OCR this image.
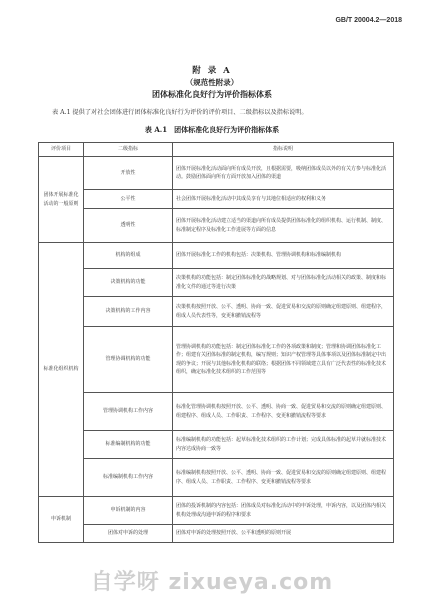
GB/T 20004.2—2018
附 录 A
（规范性附录）
团体标准化良好行为评价指标体系
表 A.1 提供了对社会团体进行团体标准化良好行为评价的评价项目、二级指标以及指标说明。
表 A.1　团体标准化良好行为评价指标体系
评价项目	二级指标	指标说明
团体开展标准化活动的一般原则	开放性	团体开展标准化活动面向所有成员开放，且根据需要，吸纳团体成员以外的有关方参与标准化活动。鼓励团体面向所有方面开放加入团体的渠道
	公平性	社会团体开展标准化活动中其成员享有与其地位相适应的权利和义务
	透明性	团体开展标准化活动建立适当的渠道向所有成员提供团体标准化的组织机构、运行机制、制度、标准制定程序及标准化工作进展等方面的信息
标准化组织机构	机构的组成	团体开展标准化工作的机构包括：决策机构、管理协调机构和标准编制机构
	决策机构的功能	决策机构的功能包括：制定团体标准化的战略规划、对与团体标准化活动相关的政策、制度和标准化文件的通过等进行决策
	决策机构的工作内容	决策机构按照开放、公平、透明、协商一致、促进贸易和交流的原则确定组建原则、组建程序，组成人员代表性等，变更和撤销流程等
	管理协调机构的功能	管理协调机构的功能包括：制定团体标准化工作的各项政策和制度；管理和协调团体标准化工作；组建有关团体标准的制定机构，编写规则；知识产权管理等具体事项以及团体标准制定中出现的争议；开展与其他标准化机构的联络；根据团体不同领域建立具有广泛代表性的标准化技术组织，确定标准化技术组织的工作范围等
	管理协调机构工作内容	标准化管理协调机构按照开放、公平、透明、协商一致、促进贸易和交流的原则确定组建原则、组建程序、组成人员、工作职责、工作程序、变更和撤销流程等要求
	标准编制机构的功能	标准编制机构的功能包括：起草标准化技术组织的工作计划；完成具体标准的起草并就标准技术内容达成协商一致等
	标准编制机构工作内容	标准编制机构按照开放、公平、透明、协商一致、促进贸易和交流的原则确定组建原则、组建程序、组成人员、工作职责、工作程序、变更和撤销流程等要求
申诉机制	申诉机制的内容	团体的投诉机制的内容包括：团体成员对标准化活动中的申诉处理，申诉内容，以及团体内相关机构处理或沟通申诉的程序和要求
	团体对申诉的处理	团体对申诉的处理按照开放、公平和透明的原则开展
自学呀 zixueya.com
